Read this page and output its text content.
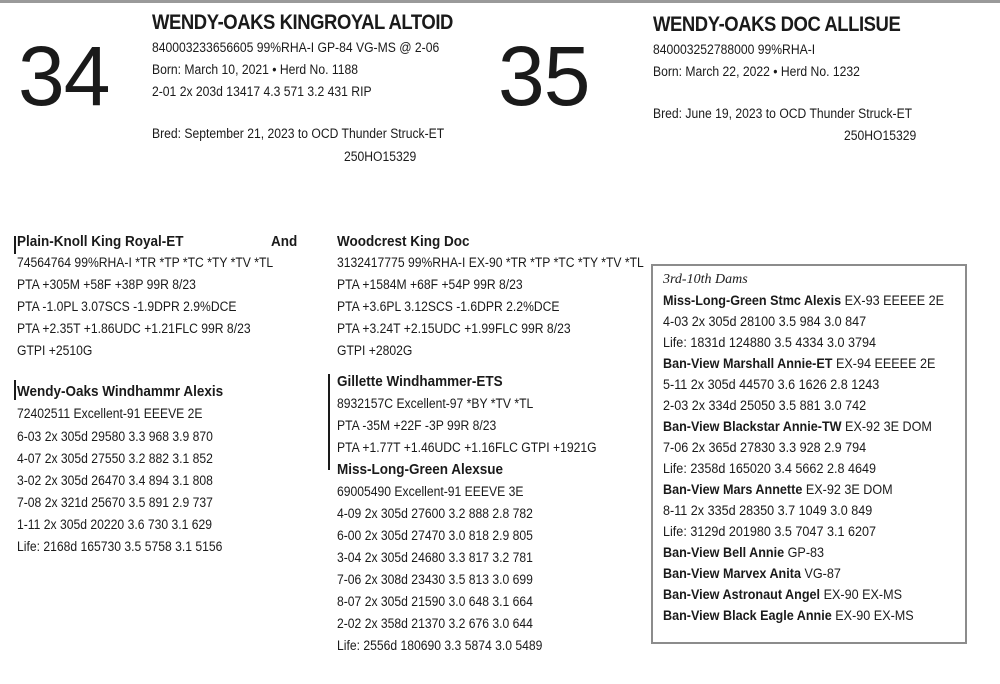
34
WENDY-OAKS KINGROYAL ALTOID
840003233656605 99%RHA-I GP-84 VG-MS @ 2-06
Born: March 10, 2021 • Herd No. 1188
2-01 2x 203d 13417 4.3 571 3.2 431 RIP
Bred: September 21, 2023 to OCD Thunder Struck-ET
250HO15329
35
WENDY-OAKS DOC ALLISUE
840003252788000 99%RHA-I
Born: March 22, 2022 • Herd No. 1232
Bred: June 19, 2023 to OCD Thunder Struck-ET
250HO15329
Plain-Knoll King Royal-ET	And
74564764 99%RHA-I *TR *TP *TC *TY *TV *TL
PTA +305M +58F +38P 99R 8/23
PTA -1.0PL 3.07SCS -1.9DPR 2.9%DCE
PTA +2.35T +1.86UDC +1.21FLC 99R 8/23
GTPI +2510G
Wendy-Oaks Windhammr Alexis
72402511 Excellent-91 EEEVE 2E
6-03 2x 305d 29580 3.3 968 3.9 870
4-07 2x 305d 27550 3.2 882 3.1 852
3-02 2x 305d 26470 3.4 894 3.1 808
7-08 2x 321d 25670 3.5 891 2.9 737
1-11 2x 305d 20220 3.6 730 3.1 629
Life: 2168d 165730 3.5 5758 3.1 5156
Woodcrest King Doc
3132417775 99%RHA-I EX-90 *TR *TP *TC *TY *TV *TL
PTA +1584M +68F +54P 99R 8/23
PTA +3.6PL 3.12SCS -1.6DPR 2.2%DCE
PTA +3.24T +2.15UDC +1.99FLC 99R 8/23
GTPI +2802G
Gillette Windhammer-ETS
8932157C Excellent-97 *BY *TV *TL
PTA -35M +22F -3P 99R 8/23
PTA +1.77T +1.46UDC +1.16FLC GTPI +1921G
Miss-Long-Green Alexsue
69005490 Excellent-91 EEEVE 3E
4-09 2x 305d 27600 3.2 888 2.8 782
6-00 2x 305d 27470 3.0 818 2.9 805
3-04 2x 305d 24680 3.3 817 3.2 781
7-06 2x 308d 23430 3.5 813 3.0 699
8-07 2x 305d 21590 3.0 648 3.1 664
2-02 2x 358d 21370 3.2 676 3.0 644
Life: 2556d 180690 3.3 5874 3.0 5489
3rd-10th Dams
Miss-Long-Green Stmc Alexis EX-93 EEEEE 2E
4-03 2x 305d 28100 3.5 984 3.0 847
Life: 1831d 124880 3.5 4334 3.0 3794
Ban-View Marshall Annie-ET EX-94 EEEEE 2E
5-11 2x 305d 44570 3.6 1626 2.8 1243
2-03 2x 334d 25050 3.5 881 3.0 742
Ban-View Blackstar Annie-TW EX-92 3E DOM
7-06 2x 365d 27830 3.3 928 2.9 794
Life: 2358d 165020 3.4 5662 2.8 4649
Ban-View Mars Annette EX-92 3E DOM
8-11 2x 335d 28350 3.7 1049 3.0 849
Life: 3129d 201980 3.5 7047 3.1 6207
Ban-View Bell Annie GP-83
Ban-View Marvex Anita VG-87
Ban-View Astronaut Angel EX-90 EX-MS
Ban-View Black Eagle Annie EX-90 EX-MS
